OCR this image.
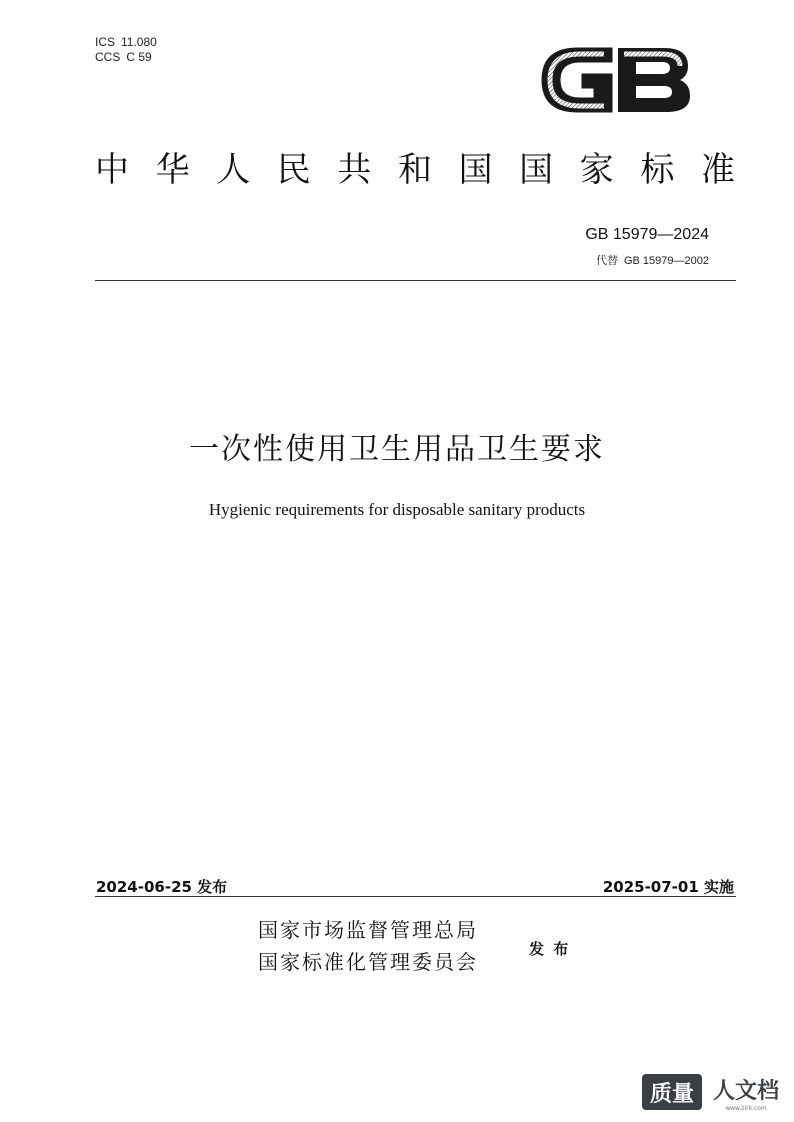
ICS 11.080
CCS C 59
中 华 人 民 共 和 国 国 家 标 准
GB 15979—2024
代替 GB 15979—2002
一次性使用卫生用品卫生要求
Hygienic requirements for disposable sanitary products
2024-06-25 发布	2025-07-01 实施
国家市场监督管理总局
国家标准化管理委员会
发 布
质量 人文档
www.zlrk.com
